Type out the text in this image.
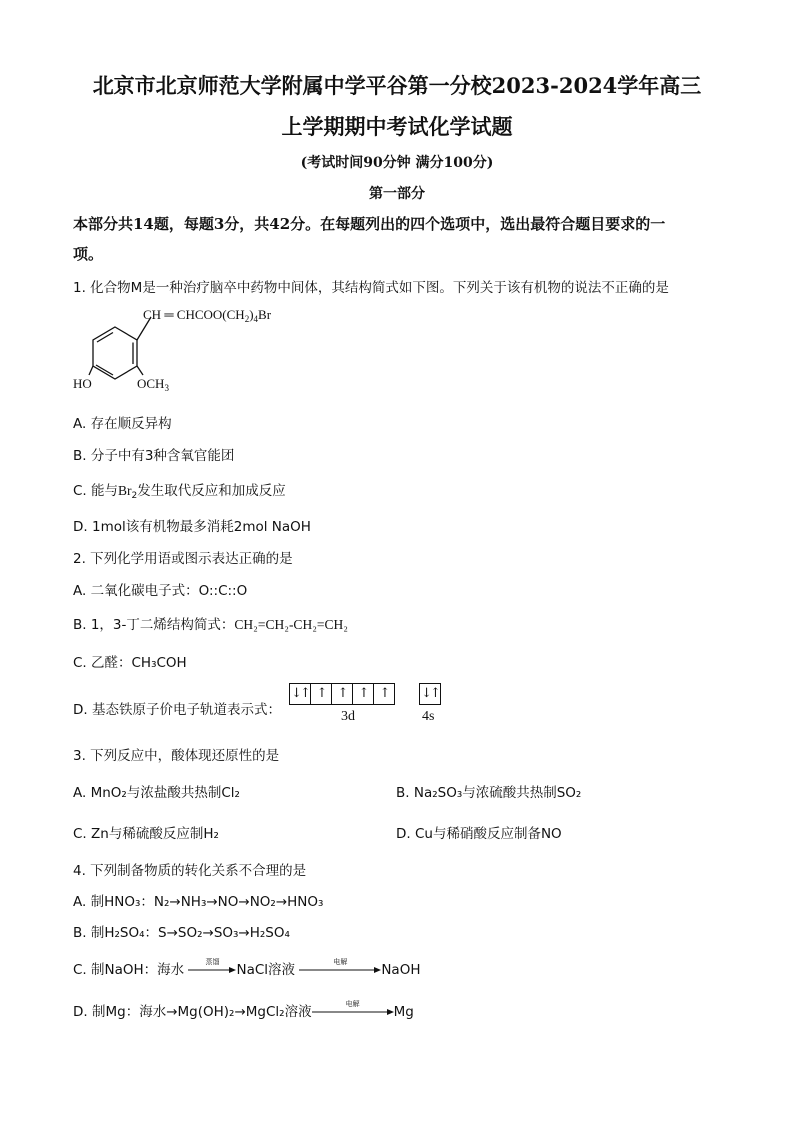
北京市北京师范大学附属中学平谷第一分校2023-2024学年高三
上学期期中考试化学试题
(考试时间90分钟 满分100分)
第一部分
本部分共14题，每题3分，共42分。在每题列出的四个选项中，选出最符合题目要求的一
项。
1. 化合物M是一种治疗脑卒中药物中间体，其结构简式如下图。下列关于该有机物的说法不正确的是
CH ═ $CHCOO(CH_2)_4Br$
HO	$OCH_3$
A. 存在顺反异构
B. 分子中有3种含氧官能团
C. 能与$Br_2$发生取代反应和加成反应
D. 1mol该有机物最多消耗2mol NaOH
2. 下列化学用语或图示表达正确的是
A. 二氧化碳电子式：O::C::O
B. 1，3-丁二烯结构简式：CH₂=CH₂-CH₂=CH₂
C. 乙醛：CH₃COH
D. 基态铁原子价电子轨道表示式：
↓↑ ↑ ↑ ↑ ↑	↓↑
3d	4s
3. 下列反应中，酸体现还原性的是
A. MnO₂与浓盐酸共热制Cl₂	B. Na₂SO₃与浓硫酸共热制SO₂
C. Zn与稀硫酸反应制H₂	D. Cu与稀硝酸反应制备NO
4. 下列制备物质的转化关系不合理的是
A. 制HNO₃：N₂→NH₃→NO→NO₂→HNO₃
B. 制H₂SO₄：S→SO₂→SO₃→H₂SO₄
C. 制NaOH：海水	蒸馏	NaCl溶液	电解	NaOH
D. 制Mg：海水→Mg(OH)₂→MgCl₂溶液	电解	Mg
